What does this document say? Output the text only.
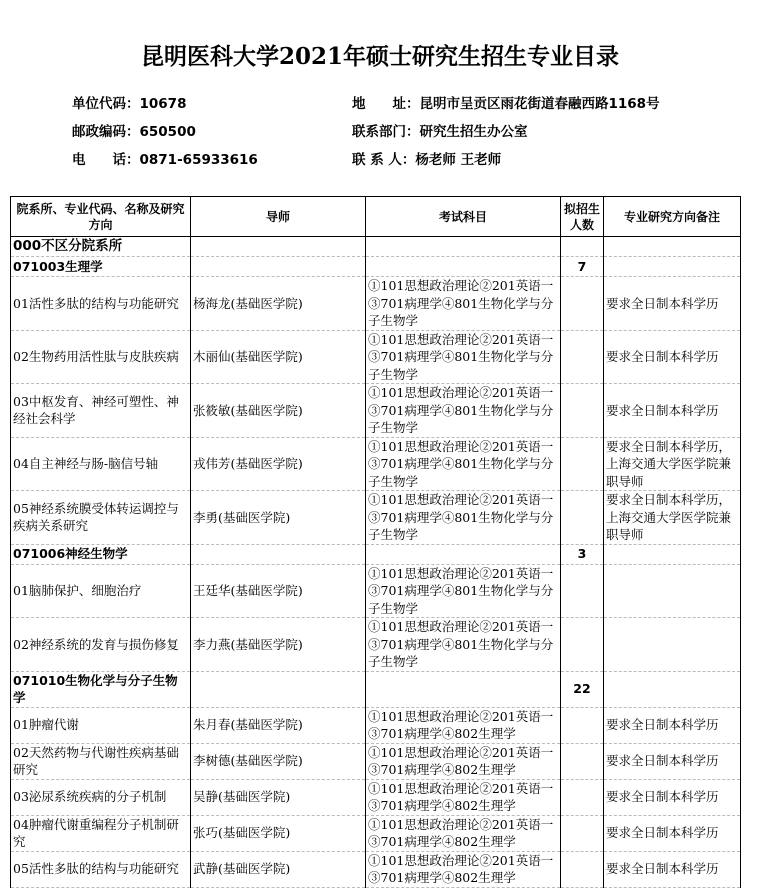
昆明医科大学2021年硕士研究生招生专业目录
单位代码：10678	地　　址：昆明市呈贡区雨花街道春融西路1168号
邮政编码：650500	联系部门：研究生招生办公室
电　　话：0871-65933616	联 系 人：杨老师 王老师
院系所、专业代码、名称及研究方向	导师	考试科目	拟招生人数	专业研究方向备注
000不区分院系所				
071003生理学			7	
01活性多肽的结构与功能研究	杨海龙(基础医学院)	①101思想政治理论②201英语一③701病理学④801生物化学与分子生物学		要求全日制本科学历
02生物药用活性肽与皮肤疾病	木丽仙(基础医学院)	①101思想政治理论②201英语一③701病理学④801生物化学与分子生物学		要求全日制本科学历
03中枢发育、神经可塑性、神经社会科学	张筱敏(基础医学院)	①101思想政治理论②201英语一③701病理学④801生物化学与分子生物学		要求全日制本科学历
04自主神经与肠-脑信号轴	戎伟芳(基础医学院)	①101思想政治理论②201英语一③701病理学④801生物化学与分子生物学		要求全日制本科学历，上海交通大学医学院兼职导师
05神经系统膜受体转运调控与疾病关系研究	李勇(基础医学院)	①101思想政治理论②201英语一③701病理学④801生物化学与分子生物学		要求全日制本科学历，上海交通大学医学院兼职导师
071006神经生物学			3	
01脑肺保护、细胞治疗	王廷华(基础医学院)	①101思想政治理论②201英语一③701病理学④801生物化学与分子生物学		
02神经系统的发育与损伤修复	李力燕(基础医学院)	①101思想政治理论②201英语一③701病理学④801生物化学与分子生物学		
071010生物化学与分子生物学			22	
01肿瘤代谢	朱月春(基础医学院)	①101思想政治理论②201英语一③701病理学④802生理学		要求全日制本科学历
02天然药物与代谢性疾病基础研究	李树德(基础医学院)	①101思想政治理论②201英语一③701病理学④802生理学		要求全日制本科学历
03泌尿系统疾病的分子机制	吴静(基础医学院)	①101思想政治理论②201英语一③701病理学④802生理学		要求全日制本科学历
04肿瘤代谢重编程分子机制研究	张巧(基础医学院)	①101思想政治理论②201英语一③701病理学④802生理学		要求全日制本科学历
05活性多肽的结构与功能研究	武静(基础医学院)	①101思想政治理论②201英语一③701病理学④802生理学		要求全日制本科学历
